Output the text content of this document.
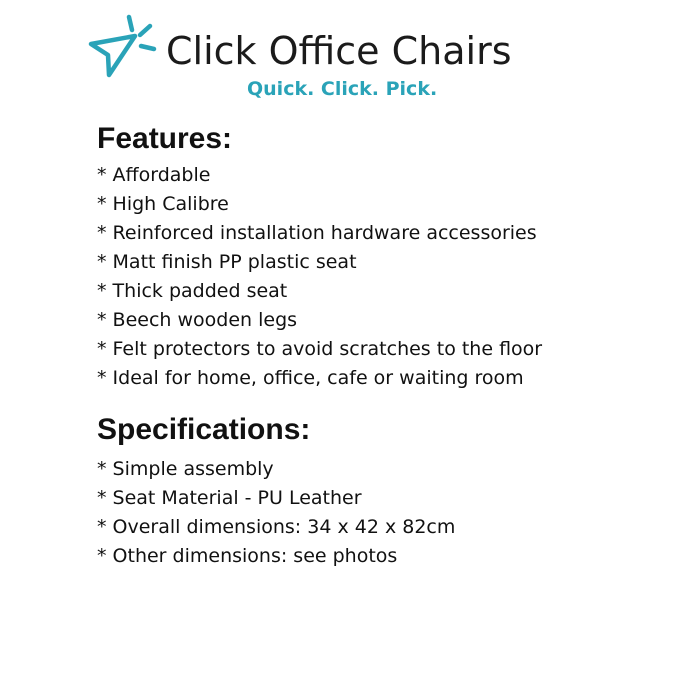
Click Office Chairs
Quick. Click. Pick.
Features:
* Affordable
* High Calibre
* Reinforced installation hardware accessories
* Matt finish PP plastic seat
* Thick padded seat
* Beech wooden legs
* Felt protectors to avoid scratches to the floor
* Ideal for home, office, cafe or waiting room
Specifications:
* Simple assembly
* Seat Material - PU Leather
* Overall dimensions: 34 x 42 x 82cm
* Other dimensions: see photos
